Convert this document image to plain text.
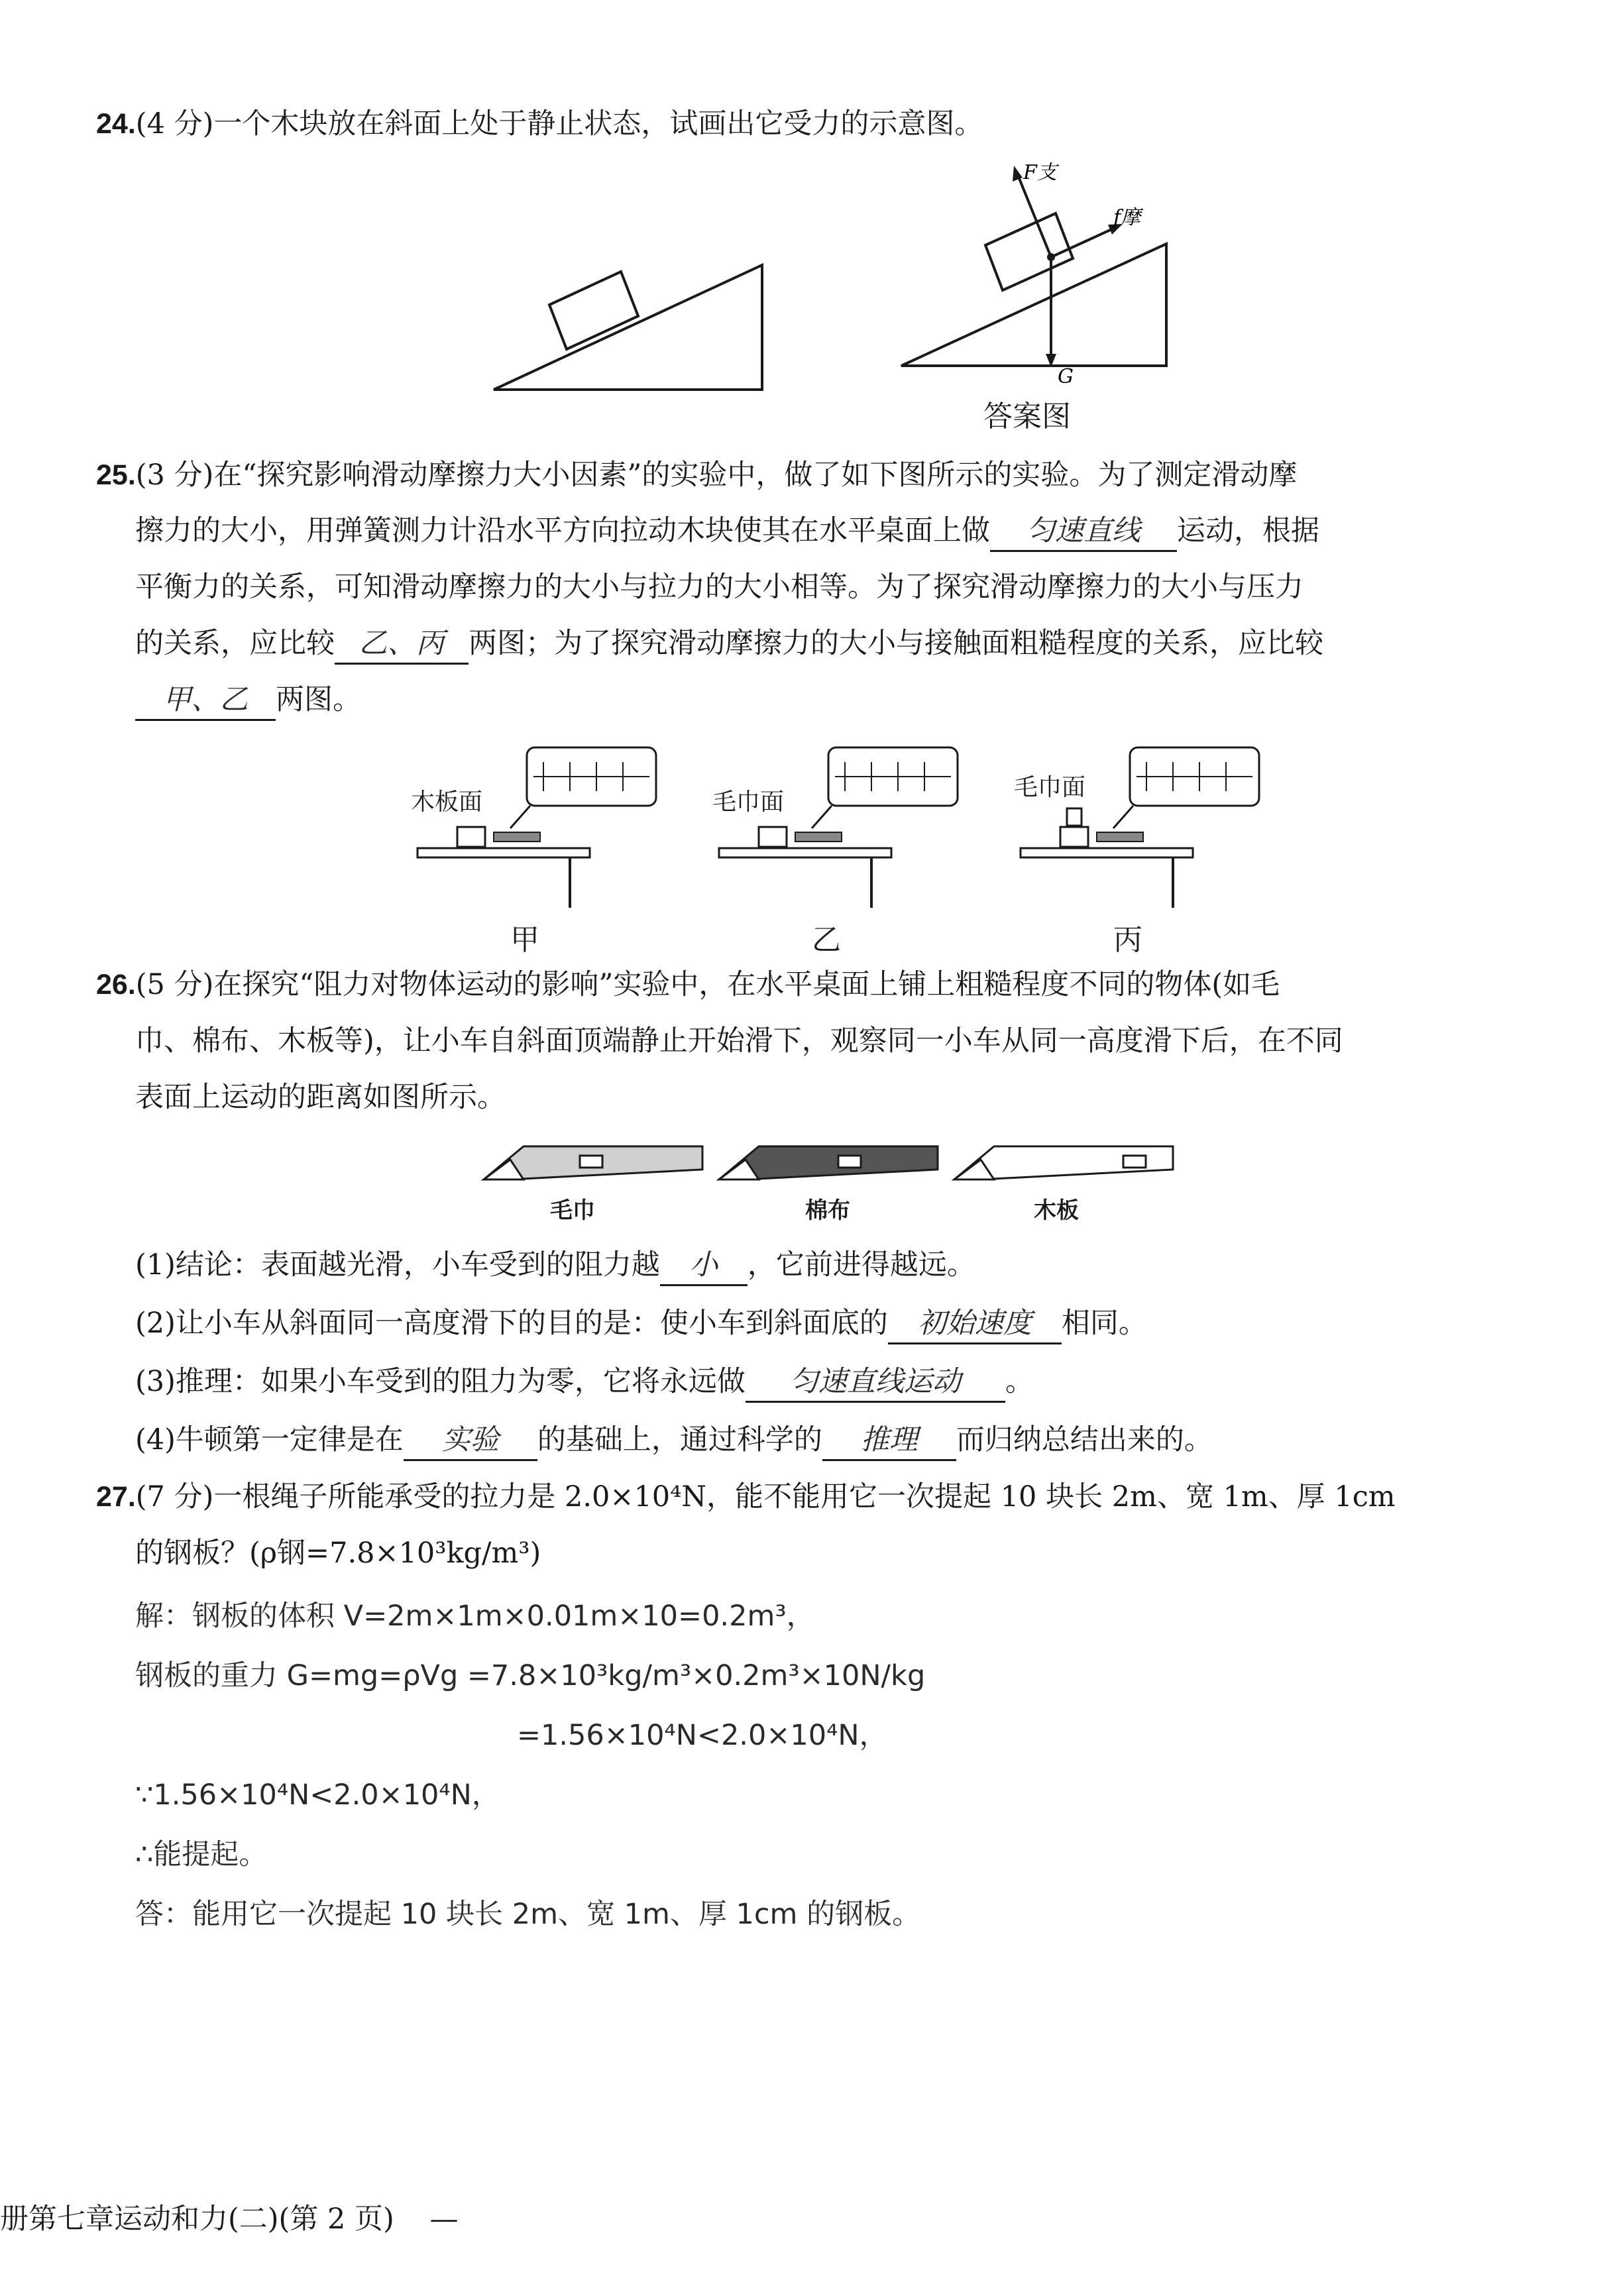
24.(4 分)一个木块放在斜面上处于静止状态，试画出它受力的示意图。
F支
f摩
G
答案图
25.(3 分)在“探究影响滑动摩擦力大小因素”的实验中，做了如下图所示的实验。为了测定滑动摩
擦力的大小，用弹簧测力计沿水平方向拉动木块使其在水平桌面上做 匀速直线 运动，根据
平衡力的关系，可知滑动摩擦力的大小与拉力的大小相等。为了探究滑动摩擦力的大小与压力
的关系，应比较 乙、丙 两图；为了探究滑动摩擦力的大小与接触面粗糙程度的关系，应比较
甲、乙 两图。
木板面
甲
毛巾面
乙
毛巾面
丙
26.(5 分)在探究“阻力对物体运动的影响”实验中，在水平桌面上铺上粗糙程度不同的物体(如毛
巾、棉布、木板等)，让小车自斜面顶端静止开始滑下，观察同一小车从同一高度滑下后，在不同
表面上运动的距离如图所示。
毛巾	棉布	木板
(1)结论：表面越光滑，小车受到的阻力越 小 ，它前进得越远。
(2)让小车从斜面同一高度滑下的目的是：使小车到斜面底的 初始速度 相同。
(3)推理：如果小车受到的阻力为零，它将永远做 匀速直线运动 。
(4)牛顿第一定律是在 实验 的基础上，通过科学的 推理 而归纳总结出来的。
27.(7 分)一根绳子所能承受的拉力是 2.0×10⁴N，能不能用它一次提起 10 块长 2m、宽 1m、厚 1cm
的钢板？(ρ钢=7.8×10³kg/m³)
解：钢板的体积 V=2m×1m×0.01m×10=0.2m³，
钢板的重力 G=mg=ρVg =7.8×10³kg/m³×0.2m³×10N/kg
=1.56×10⁴N<2.0×10⁴N，
∵1.56×10⁴N<2.0×10⁴N，
∴能提起。
答：能用它一次提起 10 块长 2m、宽 1m、厚 1cm 的钢板。
册第七章运动和力(二)(第 2 页) —
